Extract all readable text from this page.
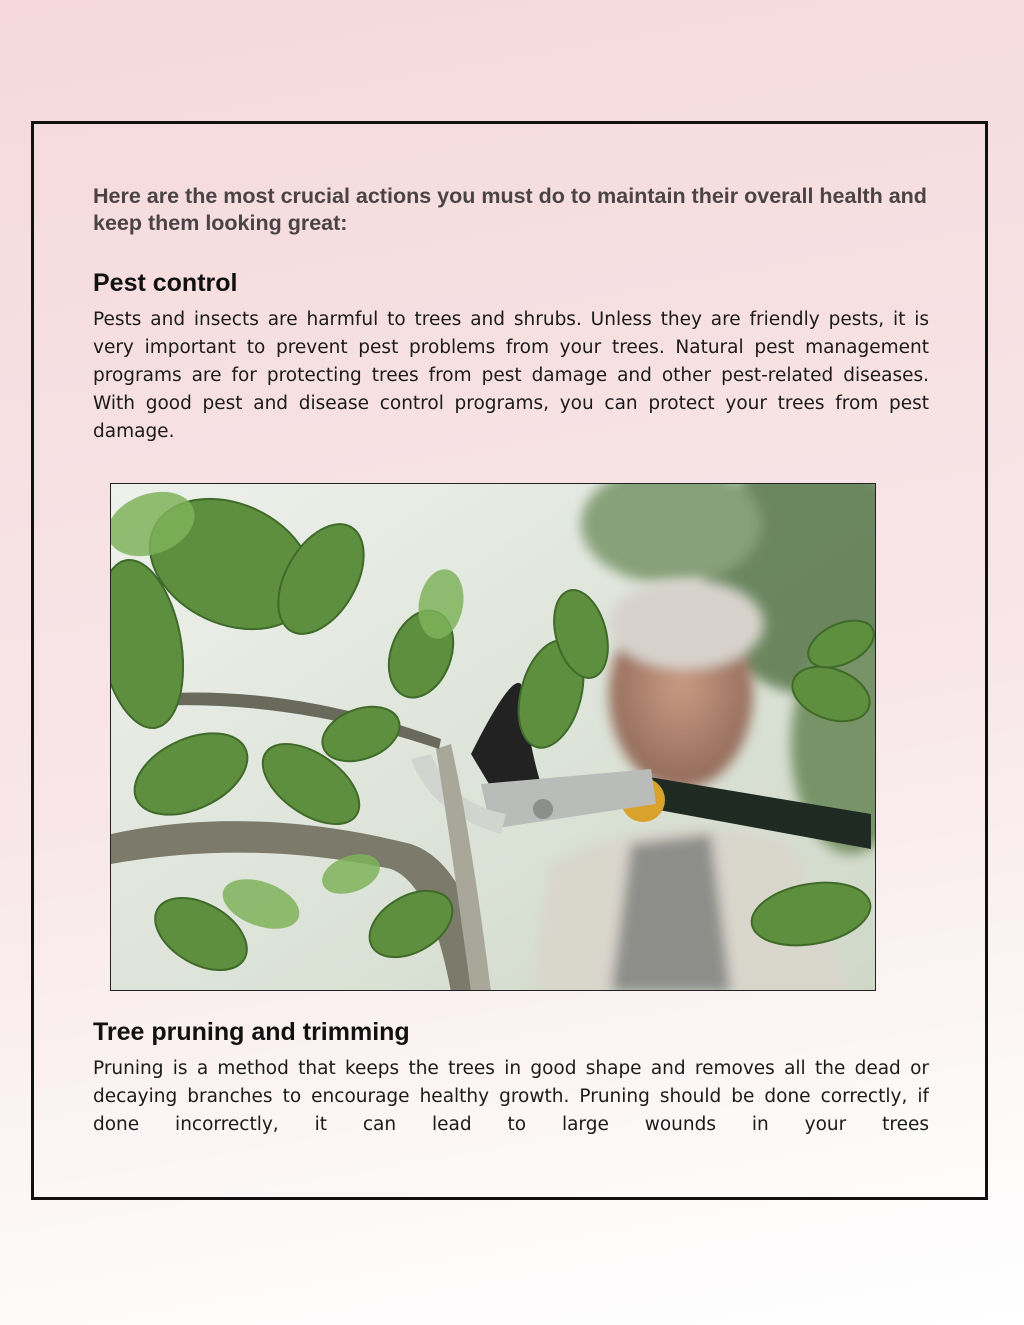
Here are the most crucial actions you must do to maintain their overall health and keep them looking great:

Pest control

Pests and insects are harmful to trees and shrubs. Unless they are friendly pests, it is very important to prevent pest problems from your trees. Natural pest management programs are for protecting trees from pest damage and other pest-related diseases. With good pest and disease control programs, you can protect your trees from pest damage.

Tree pruning and trimming

Pruning is a method that keeps the trees in good shape and removes all the dead or decaying branches to encourage healthy growth. Pruning should be done correctly, if done incorrectly, it can lead to large wounds in your trees
